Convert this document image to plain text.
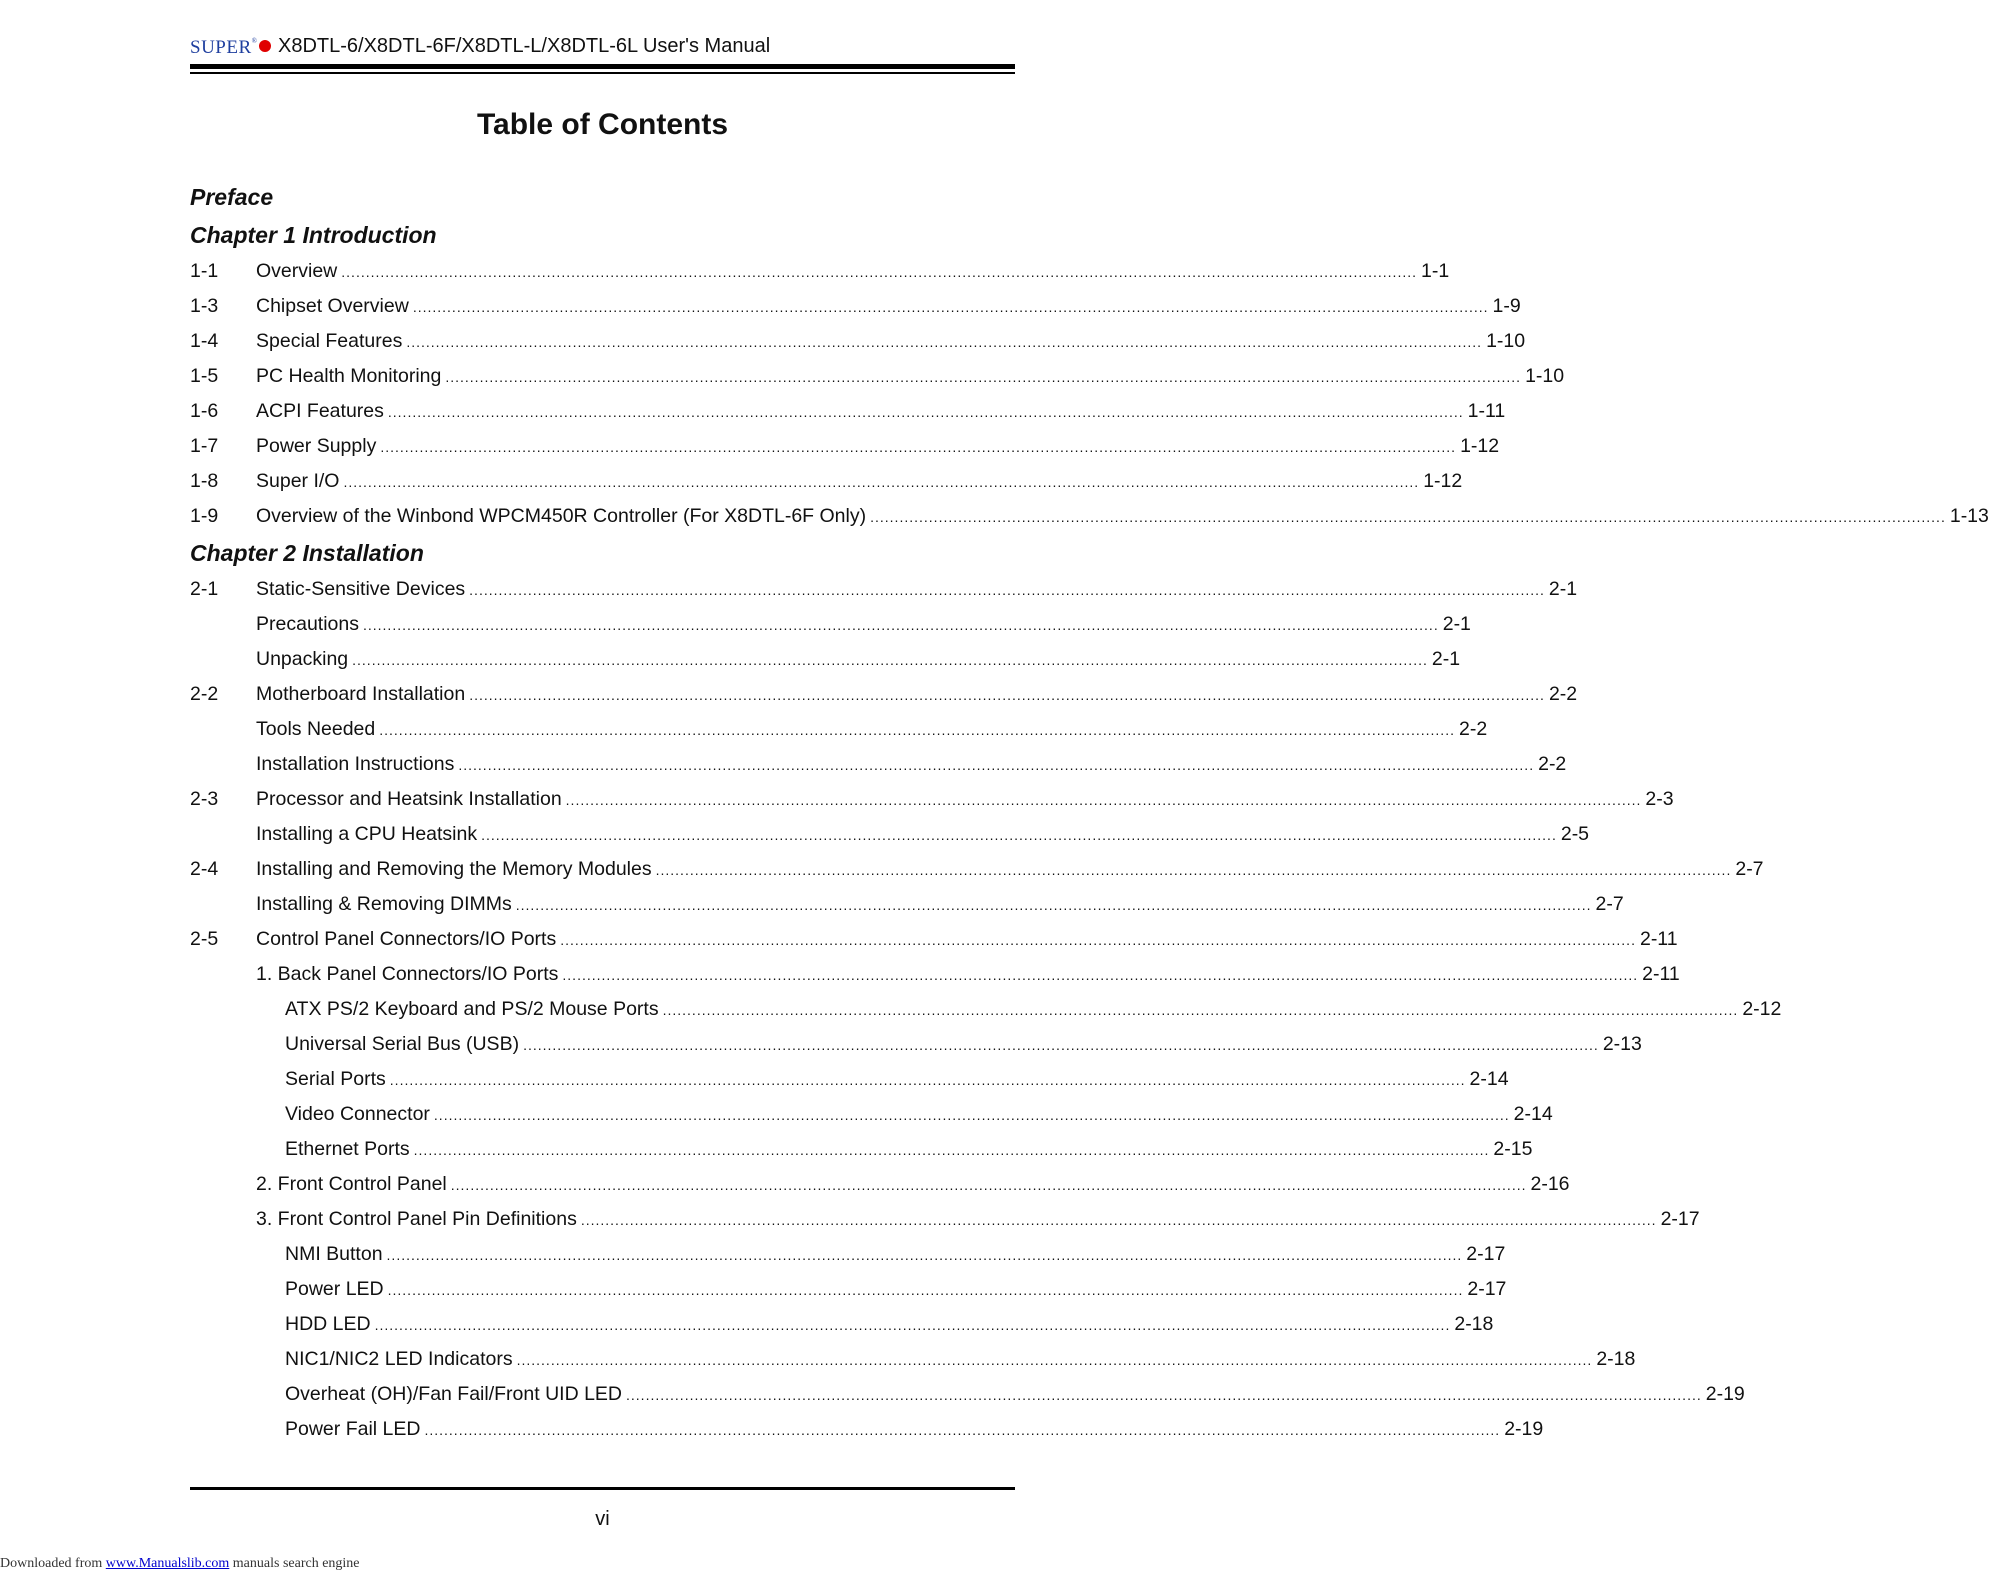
SUPER®	X8DTL-6/X8DTL-6F/X8DTL-L/X8DTL-6L User's Manual
Table of Contents
Preface
Chapter 1 Introduction
1-1	Overview ............................................................................................................................................................................................................................ 1-1
1-3	Chipset Overview ............................................................................................................................................................................................................................ 1-9
1-4	Special Features ............................................................................................................................................................................................................................ 1-10
1-5	PC Health Monitoring ............................................................................................................................................................................................................................ 1-10
1-6	ACPI Features ............................................................................................................................................................................................................................ 1-11
1-7	Power Supply ............................................................................................................................................................................................................................ 1-12
1-8	Super I/O ............................................................................................................................................................................................................................ 1-12
1-9	Overview of the Winbond WPCM450R Controller (For X8DTL-6F Only) ............................................................................................................................................................................................................................ 1-13
Chapter 2 Installation
2-1	Static-Sensitive Devices ............................................................................................................................................................................................................................ 2-1
Precautions ............................................................................................................................................................................................................................ 2-1
Unpacking ............................................................................................................................................................................................................................ 2-1
2-2	Motherboard Installation ............................................................................................................................................................................................................................ 2-2
Tools Needed ............................................................................................................................................................................................................................ 2-2
Installation Instructions ............................................................................................................................................................................................................................ 2-2
2-3	Processor and Heatsink Installation ............................................................................................................................................................................................................................ 2-3
Installing a CPU Heatsink ............................................................................................................................................................................................................................ 2-5
2-4	Installing and Removing the Memory Modules ............................................................................................................................................................................................................................ 2-7
Installing & Removing DIMMs ............................................................................................................................................................................................................................ 2-7
2-5	Control Panel Connectors/IO Ports ............................................................................................................................................................................................................................ 2-11
1. Back Panel Connectors/IO Ports ............................................................................................................................................................................................................................ 2-11
ATX PS/2 Keyboard and PS/2 Mouse Ports ............................................................................................................................................................................................................................ 2-12
Universal Serial Bus (USB) ............................................................................................................................................................................................................................ 2-13
Serial Ports ............................................................................................................................................................................................................................ 2-14
Video Connector ............................................................................................................................................................................................................................ 2-14
Ethernet Ports ............................................................................................................................................................................................................................ 2-15
2. Front Control Panel ............................................................................................................................................................................................................................ 2-16
3. Front Control Panel Pin Definitions ............................................................................................................................................................................................................................ 2-17
NMI Button ............................................................................................................................................................................................................................ 2-17
Power LED ............................................................................................................................................................................................................................ 2-17
HDD LED ............................................................................................................................................................................................................................ 2-18
NIC1/NIC2 LED Indicators ............................................................................................................................................................................................................................ 2-18
Overheat (OH)/Fan Fail/Front UID LED ............................................................................................................................................................................................................................ 2-19
Power Fail LED ............................................................................................................................................................................................................................ 2-19
vi
Downloaded from www.Manualslib.com manuals search engine
